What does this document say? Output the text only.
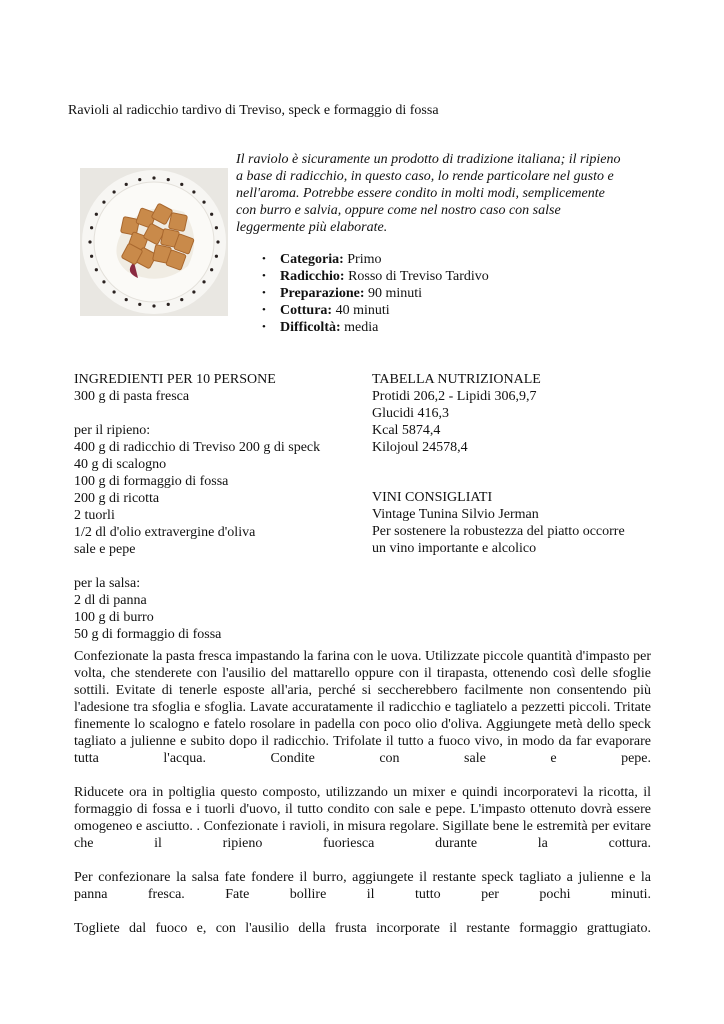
Ravioli al radicchio tardivo di Treviso, speck e formaggio di fossa
Il raviolo è sicuramente un prodotto di tradizione italiana; il ripieno
a base di radicchio, in questo caso, lo rende particolare nel gusto e
nell'aroma. Potrebbe essere condito in molti modi, semplicemente
con burro e salvia, oppure come nel nostro caso con salse
leggermente più elaborate.
• Categoria: Primo
• Radicchio: Rosso di Treviso Tardivo
• Preparazione: 90 minuti
• Cottura: 40 minuti
• Difficoltà: media
INGREDIENTI PER 10 PERSONE
300 g di pasta fresca
per il ripieno:
400 g di radicchio di Treviso 200 g di speck
40 g di scalogno
100 g di formaggio di fossa
200 g di ricotta
2 tuorli
1/2 dl d'olio extravergine d'oliva
sale e pepe
per la salsa:
2 dl di panna
100 g di burro
50 g di formaggio di fossa
TABELLA NUTRIZIONALE
Protidi 206,2 - Lipidi 306,9,7
Glucidi 416,3
Kcal 5874,4
Kilojoul 24578,4
VINI CONSIGLIATI
Vintage Tunina Silvio Jerman
Per sostenere la robustezza del piatto occorre
un vino importante e alcolico

Confezionate la pasta fresca impastando la farina con le uova. Utilizzate piccole quantità d'impasto per volta, che stenderete con l'ausilio del mattarello oppure con il tirapasta, ottenendo così delle sfoglie sottili. Evitate di tenerle esposte all'aria, perché si seccherebbero facilmente non consentendo più l'adesione tra sfoglia e sfoglia. Lavate accuratamente il radicchio e tagliatelo a pezzetti piccoli. Tritate finemente lo scalogno e fatelo rosolare in padella con poco olio d'oliva. Aggiungete metà dello speck tagliato a julienne e subito dopo il radicchio. Trifolate il tutto a fuoco vivo, in modo da far evaporare tutta l'acqua. Condite con sale e pepe.

Riducete ora in poltiglia questo composto, utilizzando un mixer e quindi incorporatevi la ricotta, il formaggio di fossa e i tuorli d'uovo, il tutto condito con sale e pepe. L'impasto ottenuto dovrà essere omogeneo e asciutto. . Confezionate i ravioli, in misura regolare. Sigillate bene le estremità per evitare che il ripieno fuoriesca durante la cottura.

Per confezionare la salsa fate fondere il burro, aggiungete il restante speck tagliato a julienne e la panna fresca. Fate bollire il tutto per pochi minuti.

Togliete dal fuoco e, con l'ausilio della frusta incorporate il restante formaggio grattugiato.
